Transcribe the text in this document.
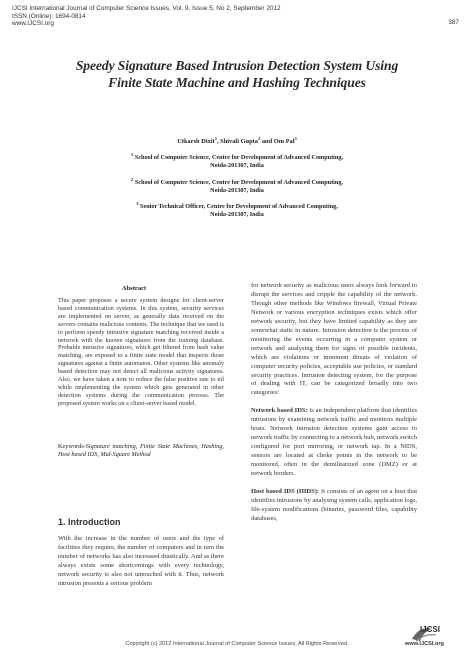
IJCSI International Journal of Computer Science Issues, Vol. 9, Issue 5, No 2, September 2012
ISSN (Online): 1694-0814
www.IJCSI.org	387
Speedy Signature Based Intrusion Detection System Using
Finite State Machine and Hashing Techniques
Utkarsh Dixit$^1$, Shivali Gupta$^2$ and Om Pal$^3$
$^1$ School of Computer Science, Centre for Development of Advanced Computing,
Noida-201307, India
$^2$ School of Computer Science, Centre for Development of Advanced Computing,
Noida-201307, India
$^3$ Senior Technical Officer, Centre for Development of Advanced Computing,
Noida-201307, India
Abstract

This paper proposes a secure system designs for client-server based communication systems. In this system, security services are implemented on server, as generally data received on the servers contains malicious contents. The technique that we used is to perform speedy intrusive signature matching received inside a network with the known signatures from the training database. Probable intrusive signatures, which get filtered from hash value matching, are exposed to a finite state model that inspects those signatures against a finite automaton. Other systems like anomaly based detection may not detect all malicious activity signatures. Also, we have taken a note to reduce the false positive rate to nil while implementing the system which gets generated in other detection systems during the communication process. The proposed system works on a client-server based model.

Keywords-Signature matching, Finite State Machines, Hashing, Host based IDS, Mid-Square Method
1. Introduction
With the increase in the number of users and the type of facilities they require, the number of computers and in turn the number of networks has also increased drastically. And as there always exists some shortcomings with every technology, network security is also not untouched with it. Thus, network intrusion presents a serious problem

for network security as malicious users always look forward to disrupt the services and cripple the capability of the network. Though other methods like Windows firewall, Virtual Private Network or various encryption techniques exists which offer network security, but they have limited capability as they are somewhat static in nature. Intrusion detection is the process of monitoring the events occurring in a computer system or network and analysing them for signs of possible incidents, which are violations or imminent threats of violation of computer security policies, acceptable use policies, or standard security practices. Intrusion detecting system, for the purpose of dealing with IT, can be categorized broadly into two categories:

Network based IDS: is an independent platform that identifies intrusions by examining network traffic and monitors multiple hosts. Network intrusion detection systems gain access to network traffic by connecting to a network hub, network switch configured for port mirroring, or network tap. In a NIDS, sensors are located at choke points in the network to be monitored, often in the demilitarized zone (DMZ) or at network borders.

Host based IDS (HIDS): It consists of an agent on a host that identifies intrusions by analysing system calls, application logs, file-system modifications (binaries, password files, capability databases,

Copyright (c) 2012 International Journal of Computer Science Issues. All Rights Reserved.
IJCSI
www.IJCSI.org
